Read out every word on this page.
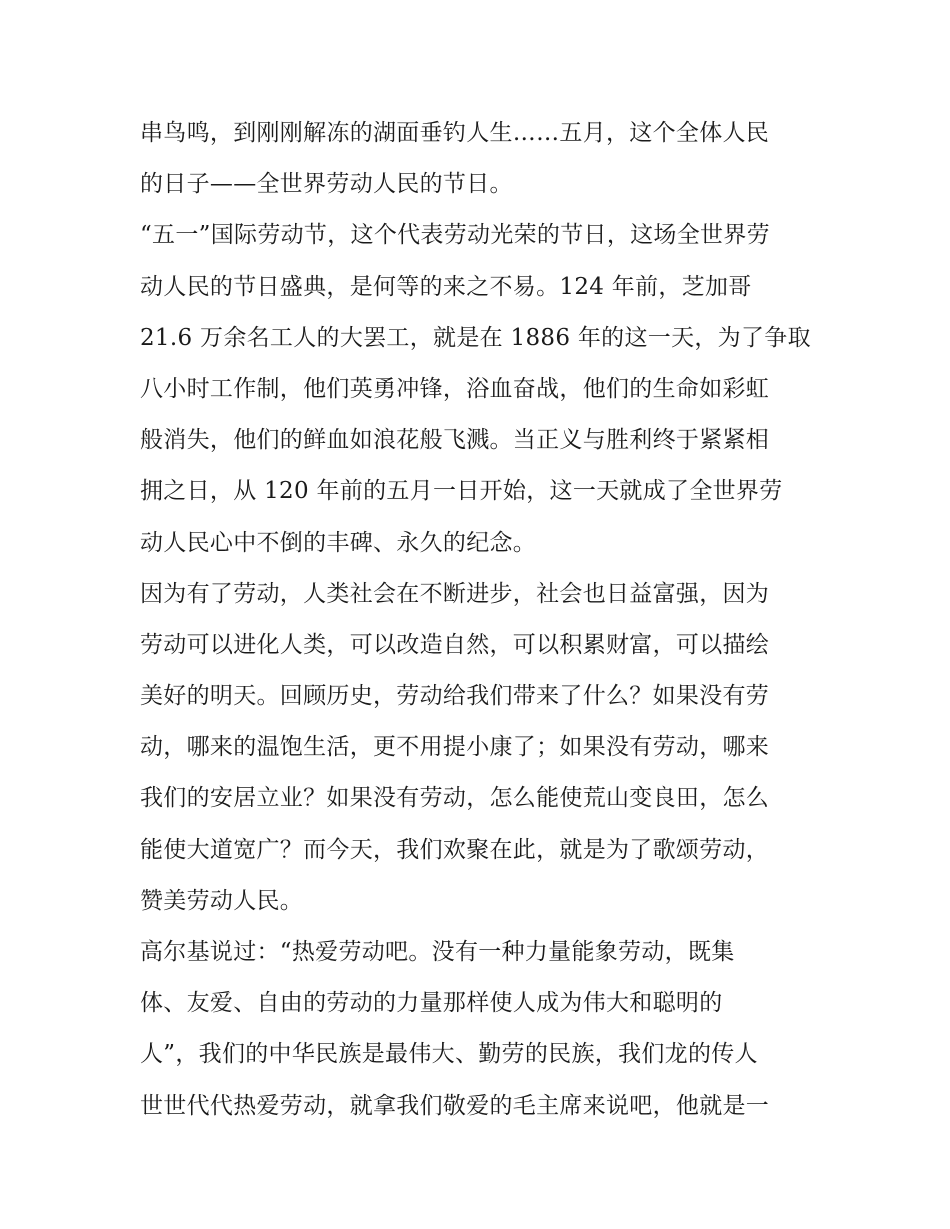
串鸟鸣，到刚刚解冻的湖面垂钓人生……五月，这个全体人民
的日子——全世界劳动人民的节日。
“五一”国际劳动节，这个代表劳动光荣的节日，这场全世界劳
动人民的节日盛典，是何等的来之不易。124 年前，芝加哥
21.6 万余名工人的大罢工，就是在 1886 年的这一天，为了争取
八小时工作制，他们英勇冲锋，浴血奋战，他们的生命如彩虹
般消失，他们的鲜血如浪花般飞溅。当正义与胜利终于紧紧相
拥之日，从 120 年前的五月一日开始，这一天就成了全世界劳
动人民心中不倒的丰碑、永久的纪念。
因为有了劳动，人类社会在不断进步，社会也日益富强，因为
劳动可以进化人类，可以改造自然，可以积累财富，可以描绘
美好的明天。回顾历史，劳动给我们带来了什么？如果没有劳
动，哪来的温饱生活，更不用提小康了；如果没有劳动，哪来
我们的安居立业？如果没有劳动，怎么能使荒山变良田，怎么
能使大道宽广？而今天，我们欢聚在此，就是为了歌颂劳动，
赞美劳动人民。
高尔基说过：“热爱劳动吧。没有一种力量能象劳动，既集
体、友爱、自由的劳动的力量那样使人成为伟大和聪明的
人”，我们的中华民族是最伟大、勤劳的民族，我们龙的传人
世世代代热爱劳动，就拿我们敬爱的毛主席来说吧，他就是一
